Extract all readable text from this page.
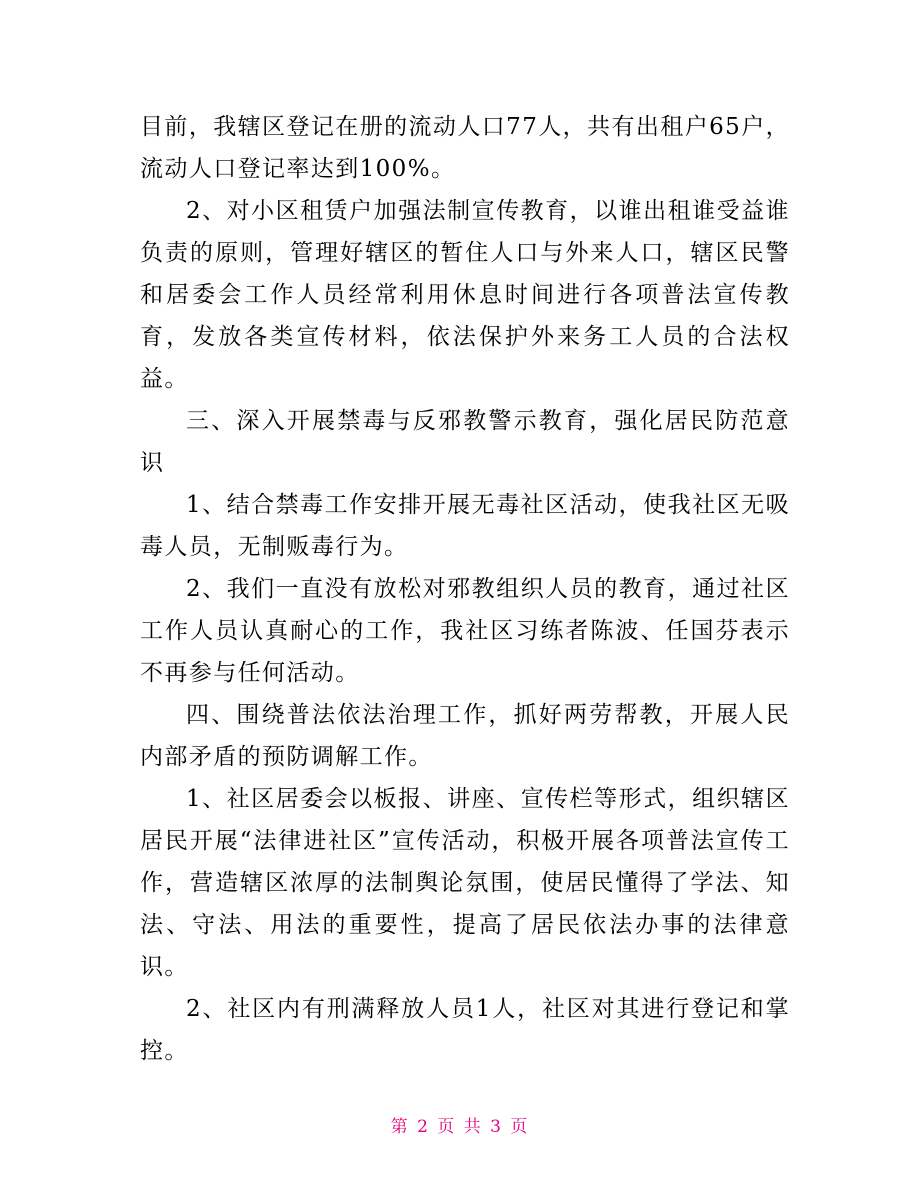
目前，我辖区登记在册的流动人口77人，共有出租户65户，流动人口登记率达到100%。

2、对小区租赁户加强法制宣传教育，以谁出租谁受益谁负责的原则，管理好辖区的暂住人口与外来人口，辖区民警和居委会工作人员经常利用休息时间进行各项普法宣传教育，发放各类宣传材料，依法保护外来务工人员的合法权益。

三、深入开展禁毒与反邪教警示教育，强化居民防范意识

1、结合禁毒工作安排开展无毒社区活动，使我社区无吸毒人员，无制贩毒行为。

2、我们一直没有放松对邪教组织人员的教育，通过社区工作人员认真耐心的工作，我社区习练者陈波、任国芬表示不再参与任何活动。

四、围绕普法依法治理工作，抓好两劳帮教，开展人民内部矛盾的预防调解工作。

1、社区居委会以板报、讲座、宣传栏等形式，组织辖区居民开展“法律进社区”宣传活动，积极开展各项普法宣传工作，营造辖区浓厚的法制舆论氛围，使居民懂得了学法、知法、守法、用法的重要性，提高了居民依法办事的法律意识。

2、社区内有刑满释放人员1人，社区对其进行登记和掌控。

第 2 页 共 3 页
